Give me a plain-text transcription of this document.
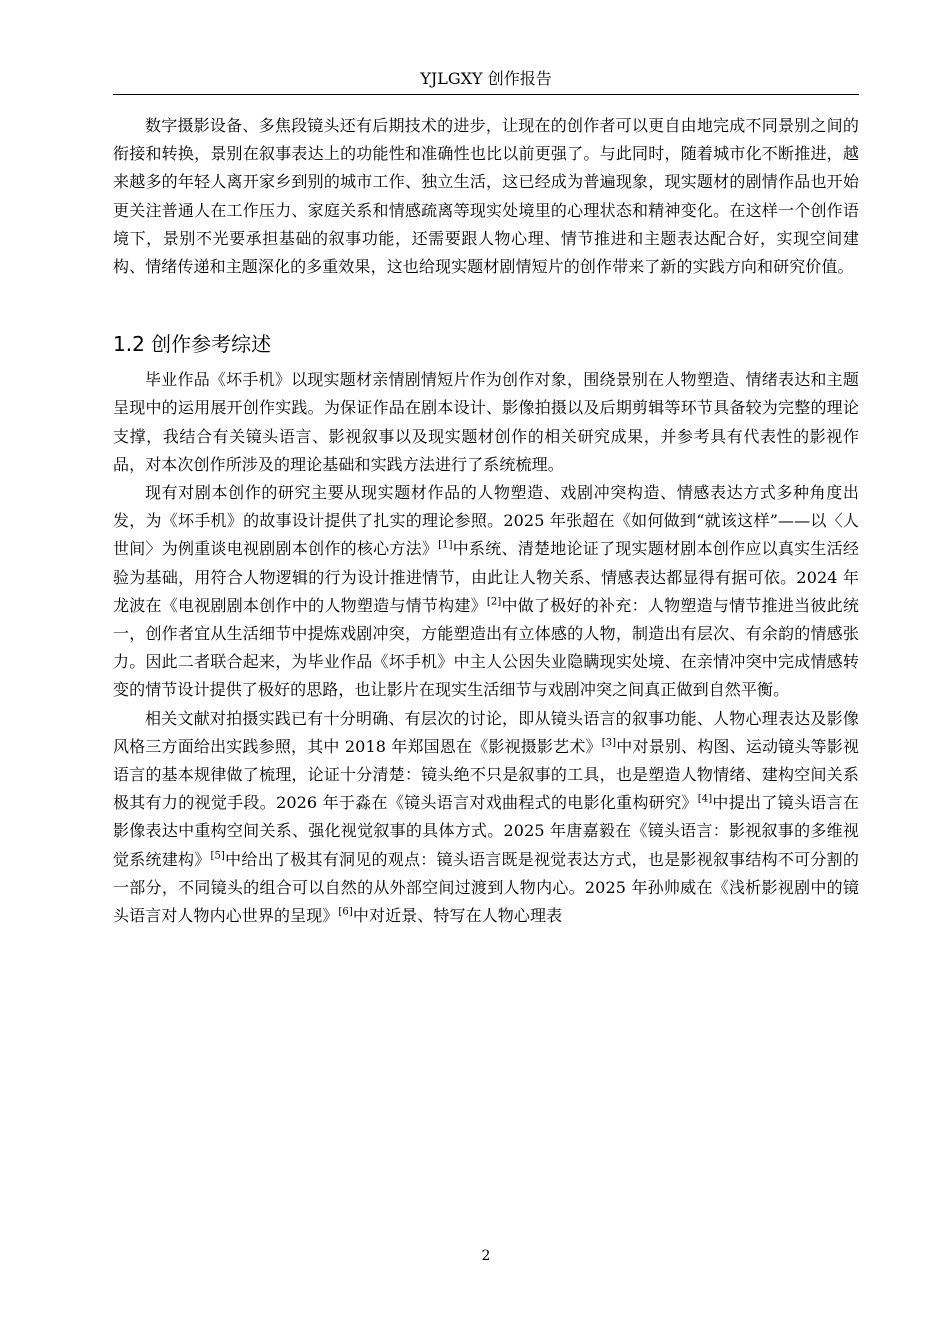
YJLGXY 创作报告

数字摄影设备、多焦段镜头还有后期技术的进步，让现在的创作者可以更自由地完成不同景别之间的衔接和转换，景别在叙事表达上的功能性和准确性也比以前更强了。与此同时，随着城市化不断推进，越来越多的年轻人离开家乡到别的城市工作、独立生活，这已经成为普遍现象，现实题材的剧情作品也开始更关注普通人在工作压力、家庭关系和情感疏离等现实处境里的心理状态和精神变化。在这样一个创作语境下，景别不光要承担基础的叙事功能，还需要跟人物心理、情节推进和主题表达配合好，实现空间建构、情绪传递和主题深化的多重效果，这也给现实题材剧情短片的创作带来了新的实践方向和研究价值。

1.2 创作参考综述

毕业作品《坏手机》以现实题材亲情剧情短片作为创作对象，围绕景别在人物塑造、情绪表达和主题呈现中的运用展开创作实践。为保证作品在剧本设计、影像拍摄以及后期剪辑等环节具备较为完整的理论支撑，我结合有关镜头语言、影视叙事以及现实题材创作的相关研究成果，并参考具有代表性的影视作品，对本次创作所涉及的理论基础和实践方法进行了系统梳理。

现有对剧本创作的研究主要从现实题材作品的人物塑造、戏剧冲突构造、情感表达方式多种角度出发，为《坏手机》的故事设计提供了扎实的理论参照。2025 年张超在《如何做到“就该这样”——以〈人世间〉为例重谈电视剧剧本创作的核心方法》[1]中系统、清楚地论证了现实题材剧本创作应以真实生活经验为基础，用符合人物逻辑的行为设计推进情节，由此让人物关系、情感表达都显得有据可依。2024 年龙波在《电视剧剧本创作中的人物塑造与情节构建》[2]中做了极好的补充：人物塑造与情节推进当彼此统一，创作者宜从生活细节中提炼戏剧冲突，方能塑造出有立体感的人物，制造出有层次、有余韵的情感张力。因此二者联合起来，为毕业作品《坏手机》中主人公因失业隐瞒现实处境、在亲情冲突中完成情感转变的情节设计提供了极好的思路，也让影片在现实生活细节与戏剧冲突之间真正做到自然平衡。

相关文献对拍摄实践已有十分明确、有层次的讨论，即从镜头语言的叙事功能、人物心理表达及影像风格三方面给出实践参照，其中 2018 年郑国恩在《影视摄影艺术》[3]中对景别、构图、运动镜头等影视语言的基本规律做了梳理，论证十分清楚：镜头绝不只是叙事的工具，也是塑造人物情绪、建构空间关系极其有力的视觉手段。2026 年于淼在《镜头语言对戏曲程式的电影化重构研究》[4]中提出了镜头语言在影像表达中重构空间关系、强化视觉叙事的具体方式。2025 年唐嘉毅在《镜头语言：影视叙事的多维视觉系统建构》[5]中给出了极其有洞见的观点：镜头语言既是视觉表达方式，也是影视叙事结构不可分割的一部分，不同镜头的组合可以自然的从外部空间过渡到人物内心。2025 年孙帅威在《浅析影视剧中的镜头语言对人物内心世界的呈现》[6]中对近景、特写在人物心理表

2
